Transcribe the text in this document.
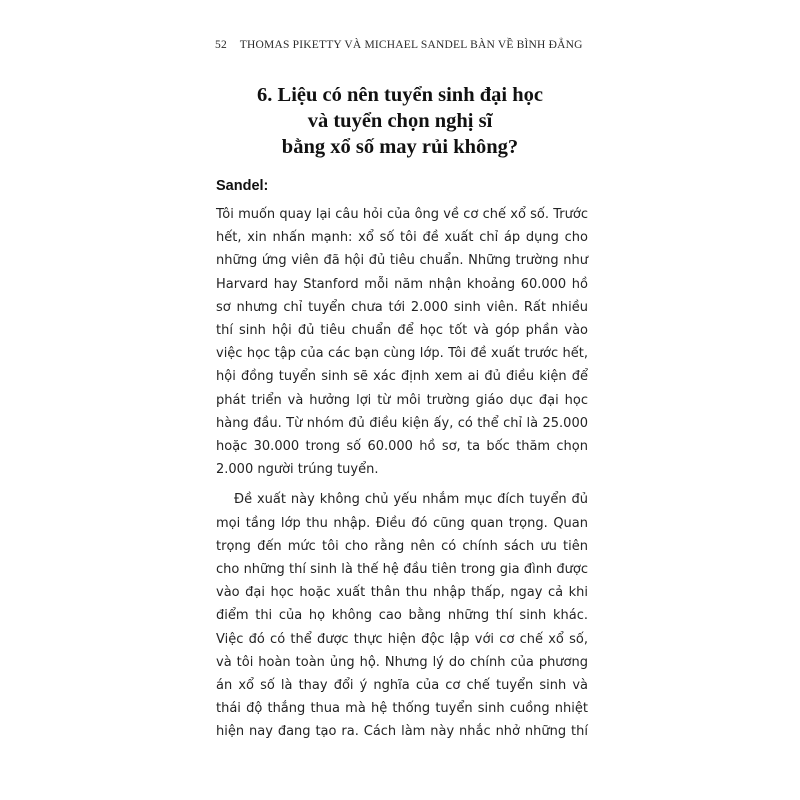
52 THOMAS PIKETTY VÀ MICHAEL SANDEL BÀN VỀ BÌNH ĐẲNG
6. Liệu có nên tuyển sinh đại học
và tuyển chọn nghị sĩ
bằng xổ số may rủi không?

Sandel:

Tôi muốn quay lại câu hỏi của ông về cơ chế xổ số. Trước
hết, xin nhấn mạnh: xổ số tôi đề xuất chỉ áp dụng cho
những ứng viên đã hội đủ tiêu chuẩn. Những trường như
Harvard hay Stanford mỗi năm nhận khoảng 60.000 hồ
sơ nhưng chỉ tuyển chưa tới 2.000 sinh viên. Rất nhiều
thí sinh hội đủ tiêu chuẩn để học tốt và góp phần vào
việc học tập của các bạn cùng lớp. Tôi đề xuất trước hết,
hội đồng tuyển sinh sẽ xác định xem ai đủ điều kiện để
phát triển và hưởng lợi từ môi trường giáo dục đại học
hàng đầu. Từ nhóm đủ điều kiện ấy, có thể chỉ là 25.000
hoặc 30.000 trong số 60.000 hồ sơ, ta bốc thăm chọn
2.000 người trúng tuyển.
Đề xuất này không chủ yếu nhắm mục đích tuyển đủ
mọi tầng lớp thu nhập. Điều đó cũng quan trọng. Quan
trọng đến mức tôi cho rằng nên có chính sách ưu tiên
cho những thí sinh là thế hệ đầu tiên trong gia đình được
vào đại học hoặc xuất thân thu nhập thấp, ngay cả khi
điểm thi của họ không cao bằng những thí sinh khác.
Việc đó có thể được thực hiện độc lập với cơ chế xổ số,
và tôi hoàn toàn ủng hộ. Nhưng lý do chính của phương
án xổ số là thay đổi ý nghĩa của cơ chế tuyển sinh và
thái độ thắng thua mà hệ thống tuyển sinh cuồng nhiệt
hiện nay đang tạo ra. Cách làm này nhắc nhở những thí
